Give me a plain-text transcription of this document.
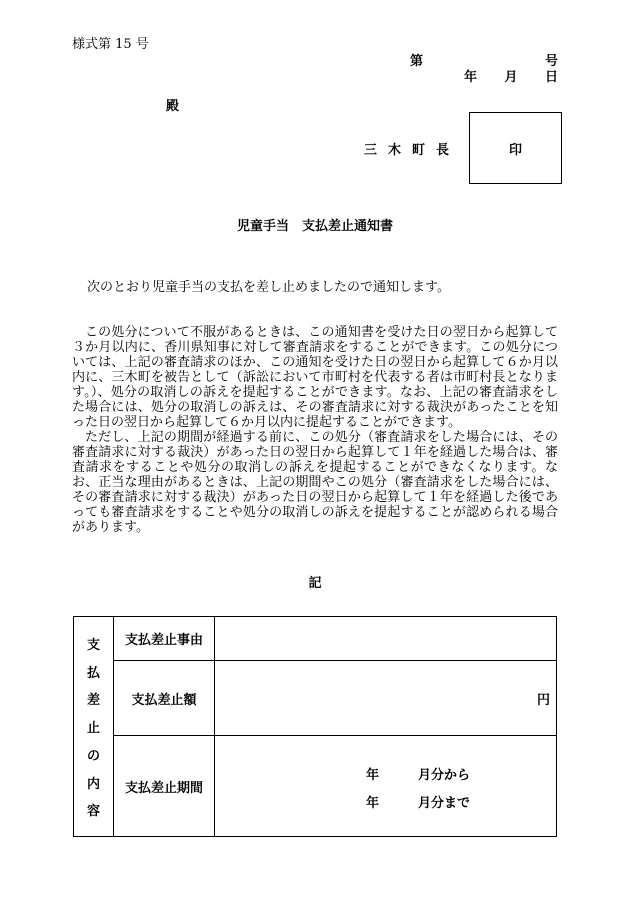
様式第 15 号
第	号
年 月 日
殿
三木町長	印
児童手当　支払差止通知書
次のとおり児童手当の支払を差し止めましたので通知します。

この処分について不服があるときは、この通知書を受けた日の翌日から起算して３か月以内に、香川県知事に対して審査請求をすることができます。この処分については、上記の審査請求のほか、この通知を受けた日の翌日から起算して６か月以内に、三木町を被告として（訴訟において市町村を代表する者は市町村長となります。）、処分の取消しの訴えを提起することができます。なお、上記の審査請求をした場合には、処分の取消しの訴えは、その審査請求に対する裁決があったことを知った日の翌日から起算して６か月以内に提起することができます。

ただし、上記の期間が経過する前に、この処分（審査請求をした場合には、その審査請求に対する裁決）があった日の翌日から起算して１年を経過した場合は、審査請求をすることや処分の取消しの訴えを提起することができなくなります。なお、正当な理由があるときは、上記の期間やこの処分（審査請求をした場合には、その審査請求に対する裁決）があった日の翌日から起算して１年を経過した後であっても審査請求をすることや処分の取消しの訴えを提起することが認められる場合があります。

記
支
払
差
止
の
内
容
支払差止事由
支払差止額	円
支払差止期間
年	月分から
年	月分まで
